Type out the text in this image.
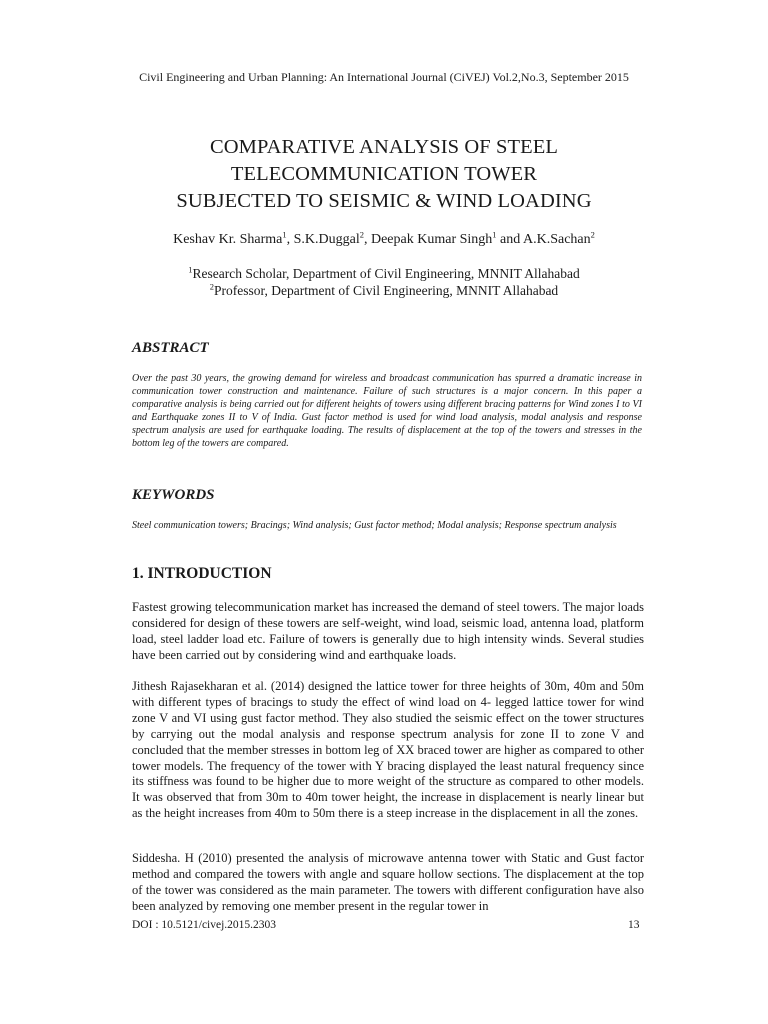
Civil Engineering and Urban Planning: An International Journal (CiVEJ) Vol.2,No.3, September 2015
COMPARATIVE ANALYSIS OF STEEL
TELECOMMUNICATION TOWER
SUBJECTED TO SEISMIC & WIND LOADING
Keshav Kr. Sharma$^1$, S.K.Duggal$^2$, Deepak Kumar Singh$^1$ and A.K.Sachan$^2$
$^1$Research Scholar, Department of Civil Engineering, MNNIT Allahabad
$^2$Professor, Department of Civil Engineering, MNNIT Allahabad
ABSTRACT
Over the past 30 years, the growing demand for wireless and broadcast communication has spurred a dramatic increase in communication tower construction and maintenance. Failure of such structures is a major concern. In this paper a comparative analysis is being carried out for different heights of towers using different bracing patterns for Wind zones I to VI and Earthquake zones II to V of India. Gust factor method is used for wind load analysis, modal analysis and response spectrum analysis are used for earthquake loading. The results of displacement at the top of the towers and stresses in the bottom leg of the towers are compared.
KEYWORDS
Steel communication towers; Bracings; Wind analysis; Gust factor method; Modal analysis; Response spectrum analysis
1. INTRODUCTION
Fastest growing telecommunication market has increased the demand of steel towers. The major loads considered for design of these towers are self-weight, wind load, seismic load, antenna load, platform load, steel ladder load etc. Failure of towers is generally due to high intensity winds. Several studies have been carried out by considering wind and earthquake loads.
Jithesh Rajasekharan et al. (2014) designed the lattice tower for three heights of 30m, 40m and 50m with different types of bracings to study the effect of wind load on 4- legged lattice tower for wind zone V and VI using gust factor method. They also studied the seismic effect on the tower structures by carrying out the modal analysis and response spectrum analysis for zone II to zone V and concluded that the member stresses in bottom leg of XX braced tower are higher as compared to other tower models. The frequency of the tower with Y bracing displayed the least natural frequency since its stiffness was found to be higher due to more weight of the structure as compared to other models. It was observed that from 30m to 40m tower height, the increase in displacement is nearly linear but as the height increases from 40m to 50m there is a steep increase in the displacement in all the zones.
Siddesha. H (2010) presented the analysis of microwave antenna tower with Static and Gust factor method and compared the towers with angle and square hollow sections. The displacement at the top of the tower was considered as the main parameter. The towers with different configuration have also been analyzed by removing one member present in the regular tower in
DOI : 10.5121/civej.2015.2303	13
